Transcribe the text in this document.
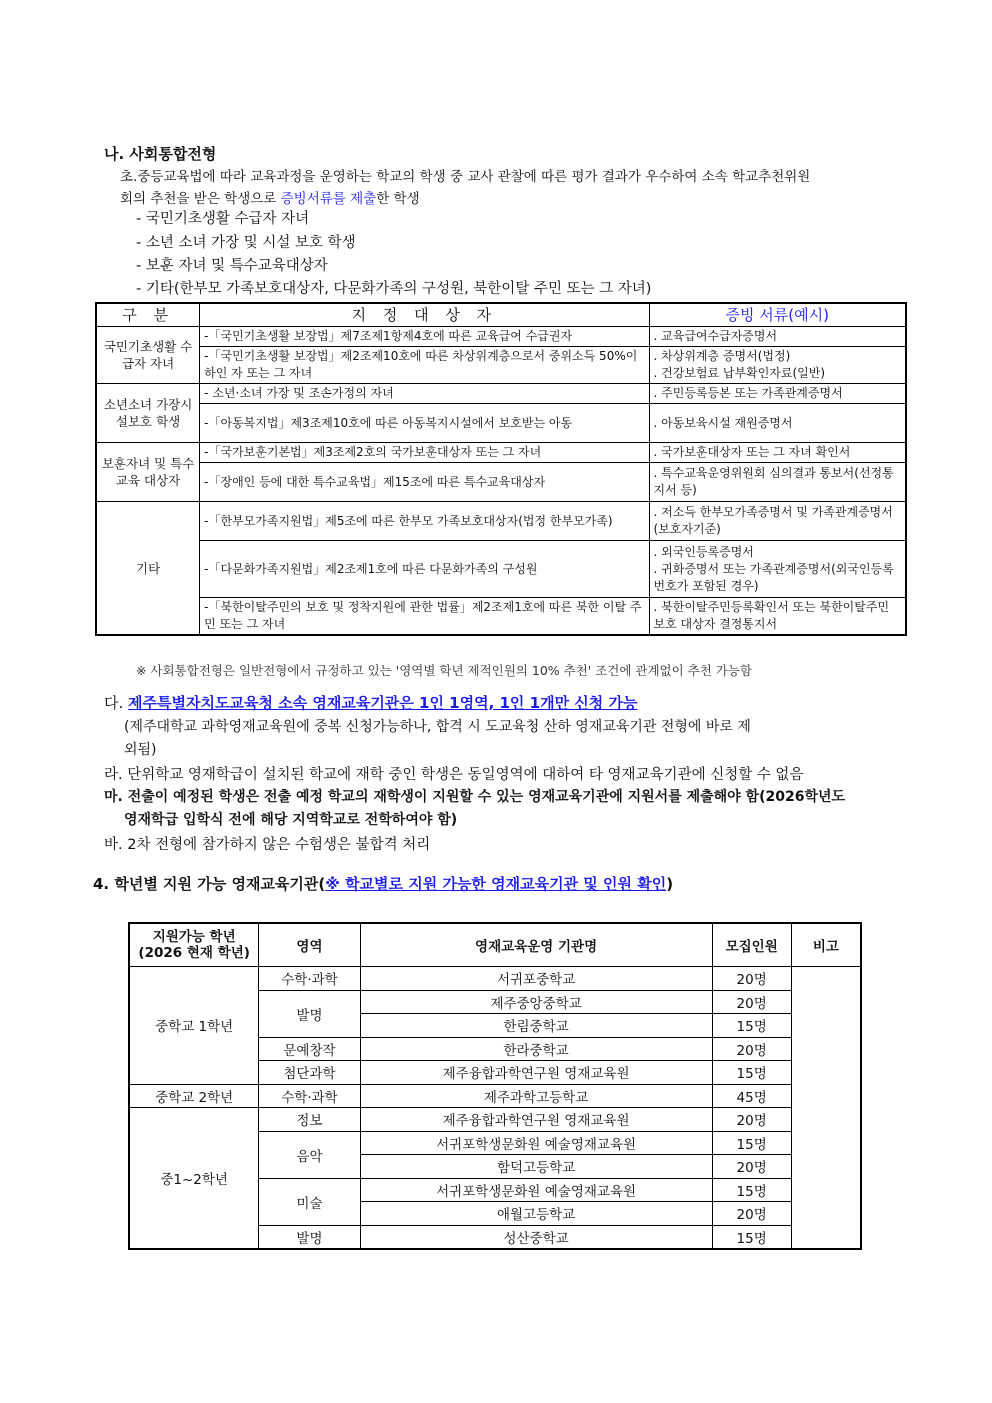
나. 사회통합전형
초.중등교육법에 따라 교육과정을 운영하는 학교의 학생 중 교사 관찰에 따른 평가 결과가 우수하여 소속 학교추천위원
회의 추천을 받은 학생으로 증빙서류를 제출한 학생
- 국민기초생활 수급자 자녀
- 소년 소녀 가장 및 시설 보호 학생
- 보훈 자녀 및 특수교육대상자
- 기타(한부모 가족보호대상자, 다문화가족의 구성원, 북한이탈 주민 또는 그 자녀)
구 분	지 정 대 상 자	증빙 서류(예시)
국민기초생활 수급자 자녀	-「국민기초생활 보장법」제7조제1항제4호에 따른 교육급여 수급권자	. 교육급여수급자증명서
	-「국민기초생활 보장법」제2조제10호에 따른 차상위계층으로서 중위소득 50%이하인 자 또는 그 자녀	. 차상위계층 증명서(법정)
. 건강보험료 납부확인자료(일반)

소년소녀 가장시설보호 학생	- 소년·소녀 가장 및 조손가정의 자녀	. 주민등록등본 또는 가족관계증명서
	-「아동복지법」제3조제10호에 따른 아동복지시설에서 보호받는 아동	. 아동보육시설 재원증명서
보훈자녀 및 특수교육 대상자	-「국가보훈기본법」제3조제2호의 국가보훈대상자 또는 그 자녀	. 국가보훈대상자 또는 그 자녀 확인서
	-「장애인 등에 대한 특수교육법」제15조에 따른 특수교육대상자	. 특수교육운영위원회 심의결과 통보서(선정통지서 등)
기타	-「한부모가족지원법」제5조에 따른 한부모 가족보호대상자(법정 한부모가족)	. 저소득 한부모가족증명서 및 가족관계증명서 (보호자기준)
	-「다문화가족지원법」제2조제1호에 따른 다문화가족의 구성원	. 외국인등록증명서
. 귀화증명서 또는 가족관계증명서(외국인등록 번호가 포함된 경우)

	-「북한이탈주민의 보호 및 정착지원에 관한 법률」제2조제1호에 따른 북한 이탈 주민 또는 그 자녀	. 북한이탈주민등록확인서 또는 북한이탈주민 보호 대상자 결정통지서
※ 사회통합전형은 일반전형에서 규정하고 있는 '영역별 학년 제적인원의 10% 추천' 조건에 관계없이 추천 가능함
다. 제주특별자치도교육청 소속 영재교육기관은 1인 1영역, 1인 1개만 신청 가능
(제주대학교 과학영재교육원에 중복 신청가능하나, 합격 시 도교육청 산하 영재교육기관 전형에 바로 제
외됨)
라. 단위학교 영재학급이 설치된 학교에 재학 중인 학생은 동일영역에 대하여 타 영재교육기관에 신청할 수 없음
마. 전출이 예정된 학생은 전출 예정 학교의 재학생이 지원할 수 있는 영재교육기관에 지원서를 제출해야 함(2026학년도
영재학급 입학식 전에 해당 지역학교로 전학하여야 함)
바. 2차 전형에 참가하지 않은 수험생은 불합격 처리
4. 학년별 지원 가능 영재교육기관(※ 학교별로 지원 가능한 영재교육기관 및 인원 확인)
지원가능 학년
(2026 현재 학년)	영역	영재교육운영 기관명	모집인원	비고
중학교 1학년	수학·과학	서귀포중학교	20명	
	발명	제주중앙중학교	20명	
		한림중학교	15명	
	문예창작	한라중학교	20명	
	첨단과학	제주융합과학연구원 영재교육원	15명	
중학교 2학년	수학·과학	제주과학고등학교	45명	
중1~2학년	정보	제주융합과학연구원 영재교육원	20명	
	음악	서귀포학생문화원 예술영재교육원	15명	
		함덕고등학교	20명	
	미술	서귀포학생문화원 예술영재교육원	15명	
		애월고등학교	20명	
	발명	성산중학교	15명	
